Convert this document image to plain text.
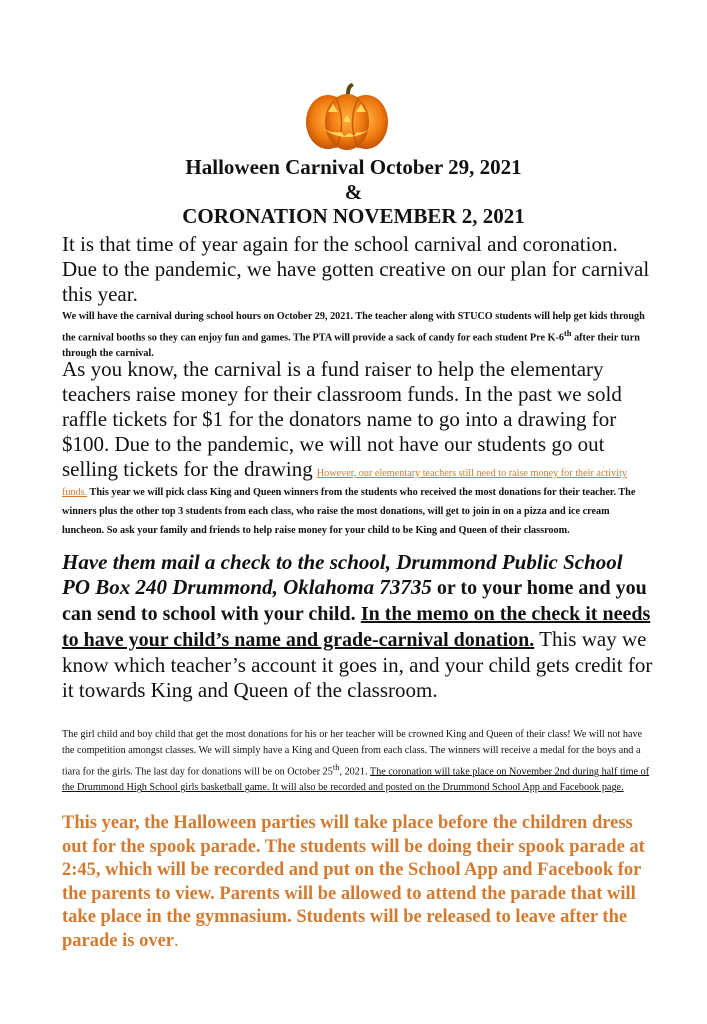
Halloween Carnival October 29, 2021
&
CORONATION NOVEMBER 2, 2021
It is that time of year again for the school carnival and coronation. Due to the pandemic, we have gotten creative on our plan for carnival this year.
We will have the carnival during school hours on October 29, 2021. The teacher along with STUCO students will help get kids through the carnival booths so they can enjoy fun and games. The PTA will provide a sack of candy for each student Pre K-6th after their turn through the carnival.
As you know, the carnival is a fund raiser to help the elementary teachers raise money for their classroom funds. In the past we sold raffle tickets for $1 for the donators name to go into a drawing for $100. Due to the pandemic, we will not have our students go out selling tickets for the drawing However, our elementary teachers still need to raise money for their activity funds. This year we will pick class King and Queen winners from the students who received the most donations for their teacher. The winners plus the other top 3 students from each class, who raise the most donations, will get to join in on a pizza and ice cream luncheon. So ask your family and friends to help raise money for your child to be King and Queen of their classroom.
Have them mail a check to the school, Drummond Public School PO Box 240 Drummond, Oklahoma 73735 or to your home and you can send to school with your child. In the memo on the check it needs to have your child’s name and grade-carnival donation. This way we know which teacher’s account it goes in, and your child gets credit for it towards King and Queen of the classroom.
The girl child and boy child that get the most donations for his or her teacher will be crowned King and Queen of their class! We will not have the competition amongst classes. We will simply have a King and Queen from each class. The winners will receive a medal for the boys and a tiara for the girls. The last day for donations will be on October 25th, 2021. The coronation will take place on November 2nd during half time of the Drummond High School girls basketball game. It will also be recorded and posted on the Drummond School App and Facebook page.
This year, the Halloween parties will take place before the children dress out for the spook parade. The students will be doing their spook parade at 2:45, which will be recorded and put on the School App and Facebook for the parents to view. Parents will be allowed to attend the parade that will take place in the gymnasium. Students will be released to leave after the parade is over.
